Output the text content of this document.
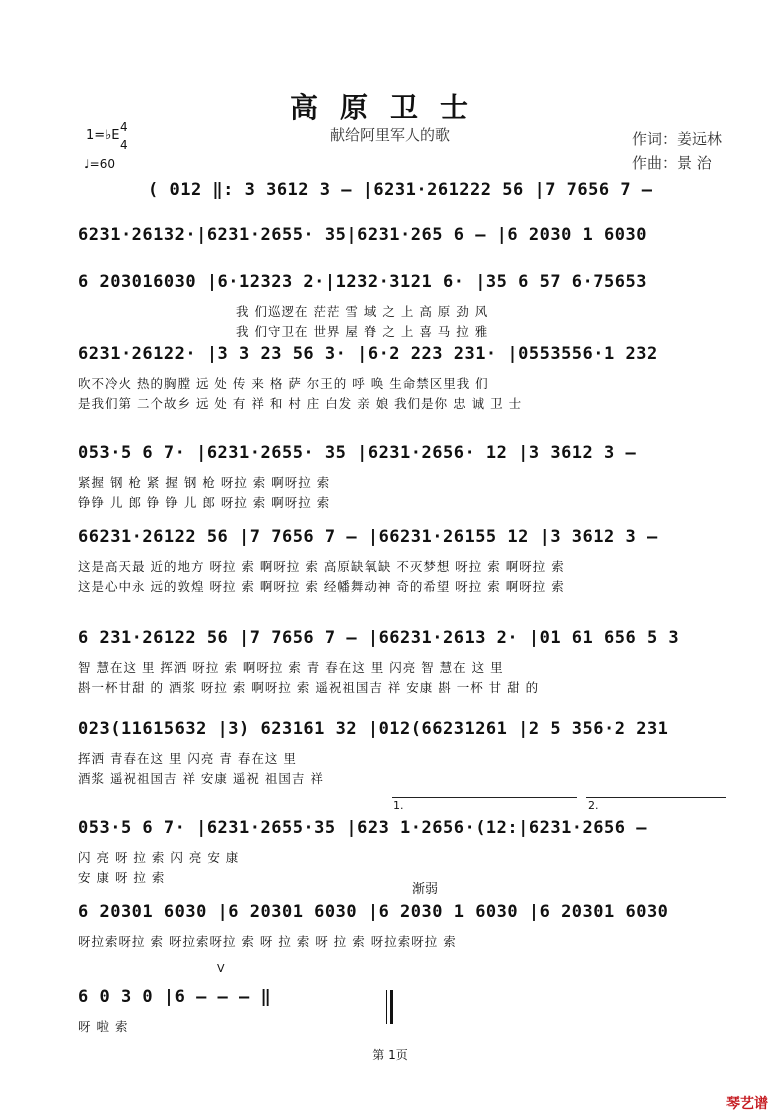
高原卫士
献给阿里军人的歌	作词：姜远林
作曲：景 治
1=♭E
4
4
♩=60
( 012 ‖: 3 3612 3 – |6231·261222 56 |7 7656 7 –
6231·26132·|6231·2655· 35|6231·265 6 – |6 2030 1 6030
6 203016030 |6·12323 2·|1232·3121 6· |35 6 57 6·75653
我 们巡逻在 茫茫 雪 域 之 上 高 原 劲 风
我 们守卫在 世界 屋 脊 之 上 喜 马 拉 雅
6231·26122· |3 3 23 56 3· |6·2 223 231· |0553556·1 232
吹不冷火 热的胸膛 远 处 传 来 格 萨 尔王的 呼 唤 生命禁区里我 们
是我们第 二个故乡 远 处 有 祥 和 村 庄 白发 亲 娘 我们是你 忠 诚 卫 士
053·5 6 7· |6231·2655· 35 |6231·2656· 12 |3 3612 3 –
紧握 钢 枪 紧 握 钢 枪 呀拉 索 啊呀拉 索
铮铮 儿 郎 铮 铮 儿 郎 呀拉 索 啊呀拉 索
66231·26122 56 |7 7656 7 – |66231·26155 12 |3 3612 3 –
这是高天最 近的地方 呀拉 索 啊呀拉 索 高原缺氧缺 不灭梦想 呀拉 索 啊呀拉 索
这是心中永 远的敦煌 呀拉 索 啊呀拉 索 经幡舞动神 奇的希望 呀拉 索 啊呀拉 索
6 231·26122 56 |7 7656 7 – |66231·2613 2· |01 61 656 5 3
智 慧在这 里 挥洒 呀拉 索 啊呀拉 索 青 春在这 里 闪亮 智 慧在 这 里
斟一杯甘甜 的 酒浆 呀拉 索 啊呀拉 索 遥祝祖国吉 祥 安康 斟 一杯 甘 甜 的
023(11615632 |3) 623161 32 |012(66231261 |2 5 356·2 231
挥洒 青春在这 里 闪亮 青 春在这 里
酒浆 遥祝祖国吉 祥 安康 遥祝 祖国吉 祥
053·5 6 7· |6231·2655·35 |623 1·2656·(12:|6231·2656 –
闪 亮 呀 拉 索 闪 亮 安 康
安 康 呀 拉 索
6 20301 6030 |6 20301 6030 |6 2030 1 6030 |6 20301 6030
呀拉索呀拉 索 呀拉索呀拉 索 呀 拉 索 呀 拉 索 呀拉索呀拉 索
6 0 3 0 |6 – – – ‖
呀 啦 索
渐弱
V
1.	2.
第 1页
琴艺谱
